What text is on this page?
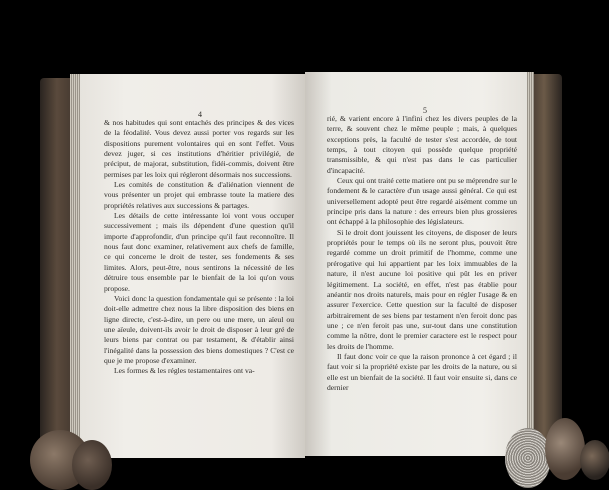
4

& nos habitudes qui sont entachés des principes & des vices de la féodalité. Vous devez aussi porter vos regards sur les dispositions purement volontaires qui en sont l'effet. Vous devez juger, si ces institutions d'héritier privilégié, de préciput, de majorat, substitution, fidéi-commis, doivent être permises par les loix qui régleront désormais nos successions.

Les comités de constitution & d'aliénation viennent de vous présenter un projet qui embrasse toute la matiere des propriétés relatives aux successions & partages.

Les détails de cette intéressante loi vont vous occuper successivement ; mais ils dépendent d'une question qu'il importe d'approfondir, d'un principe qu'il faut reconnoître. Il nous faut donc examiner, relativement aux chefs de famille, ce qui concerne le droit de tester, ses fondements & ses limites. Alors, peut-être, nous sentirons la nécessité de les détruire tous ensemble par le bienfait de la loi qu'on vous propose.

Voici donc la question fondamentale qui se présente : la loi doit-elle admettre chez nous la libre disposition des biens en ligne directe, c'est-à-dire, un pere ou une mere, un aïeul ou une aïeule, doivent-ils avoir le droit de disposer à leur gré de leurs biens par contrat ou par testament, & d'établir ainsi l'inégalité dans la possession des biens domestiques ? C'est ce que je me propose d'examiner.

Les formes & les régles testamentaires ont va-

5

rié, & varient encore à l'infini chez les divers peuples de la terre, & souvent chez le même peuple ; mais, à quelques exceptions près, la faculté de tester s'est accordée, de tout temps, à tout citoyen qui possède quelque propriété transmissible, & qui n'est pas dans le cas particulier d'incapacité.

Ceux qui ont traité cette matiere ont pu se méprendre sur le fondement & le caractère d'un usage aussi général. Ce qui est universellement adopté peut être regardé aisément comme un principe pris dans la nature : des erreurs bien plus grossieres ont échappé à la philosophie des législateurs.

Si le droit dont jouissent les citoyens, de disposer de leurs propriétés pour le temps où ils ne seront plus, pouvoit être regardé comme un droit primitif de l'homme, comme une prérogative qui lui appartient par les loix immuables de la nature, il n'est aucune loi positive qui pût les en priver légitimement. La société, en effet, n'est pas établie pour anéantir nos droits naturels, mais pour en régler l'usage & en assurer l'exercice. Cette question sur la faculté de disposer arbitrairement de ses biens par testament n'en feroit donc pas une ; ce n'en feroit pas une, sur-tout dans une constitution comme la nôtre, dont le premier caractere est le respect pour les droits de l'homme.

Il faut donc voir ce que la raison prononce à cet égard ; il faut voir si la propriété existe par les droits de la nature, ou si elle est un bienfait de la société. Il faut voir ensuite si, dans ce dernier
